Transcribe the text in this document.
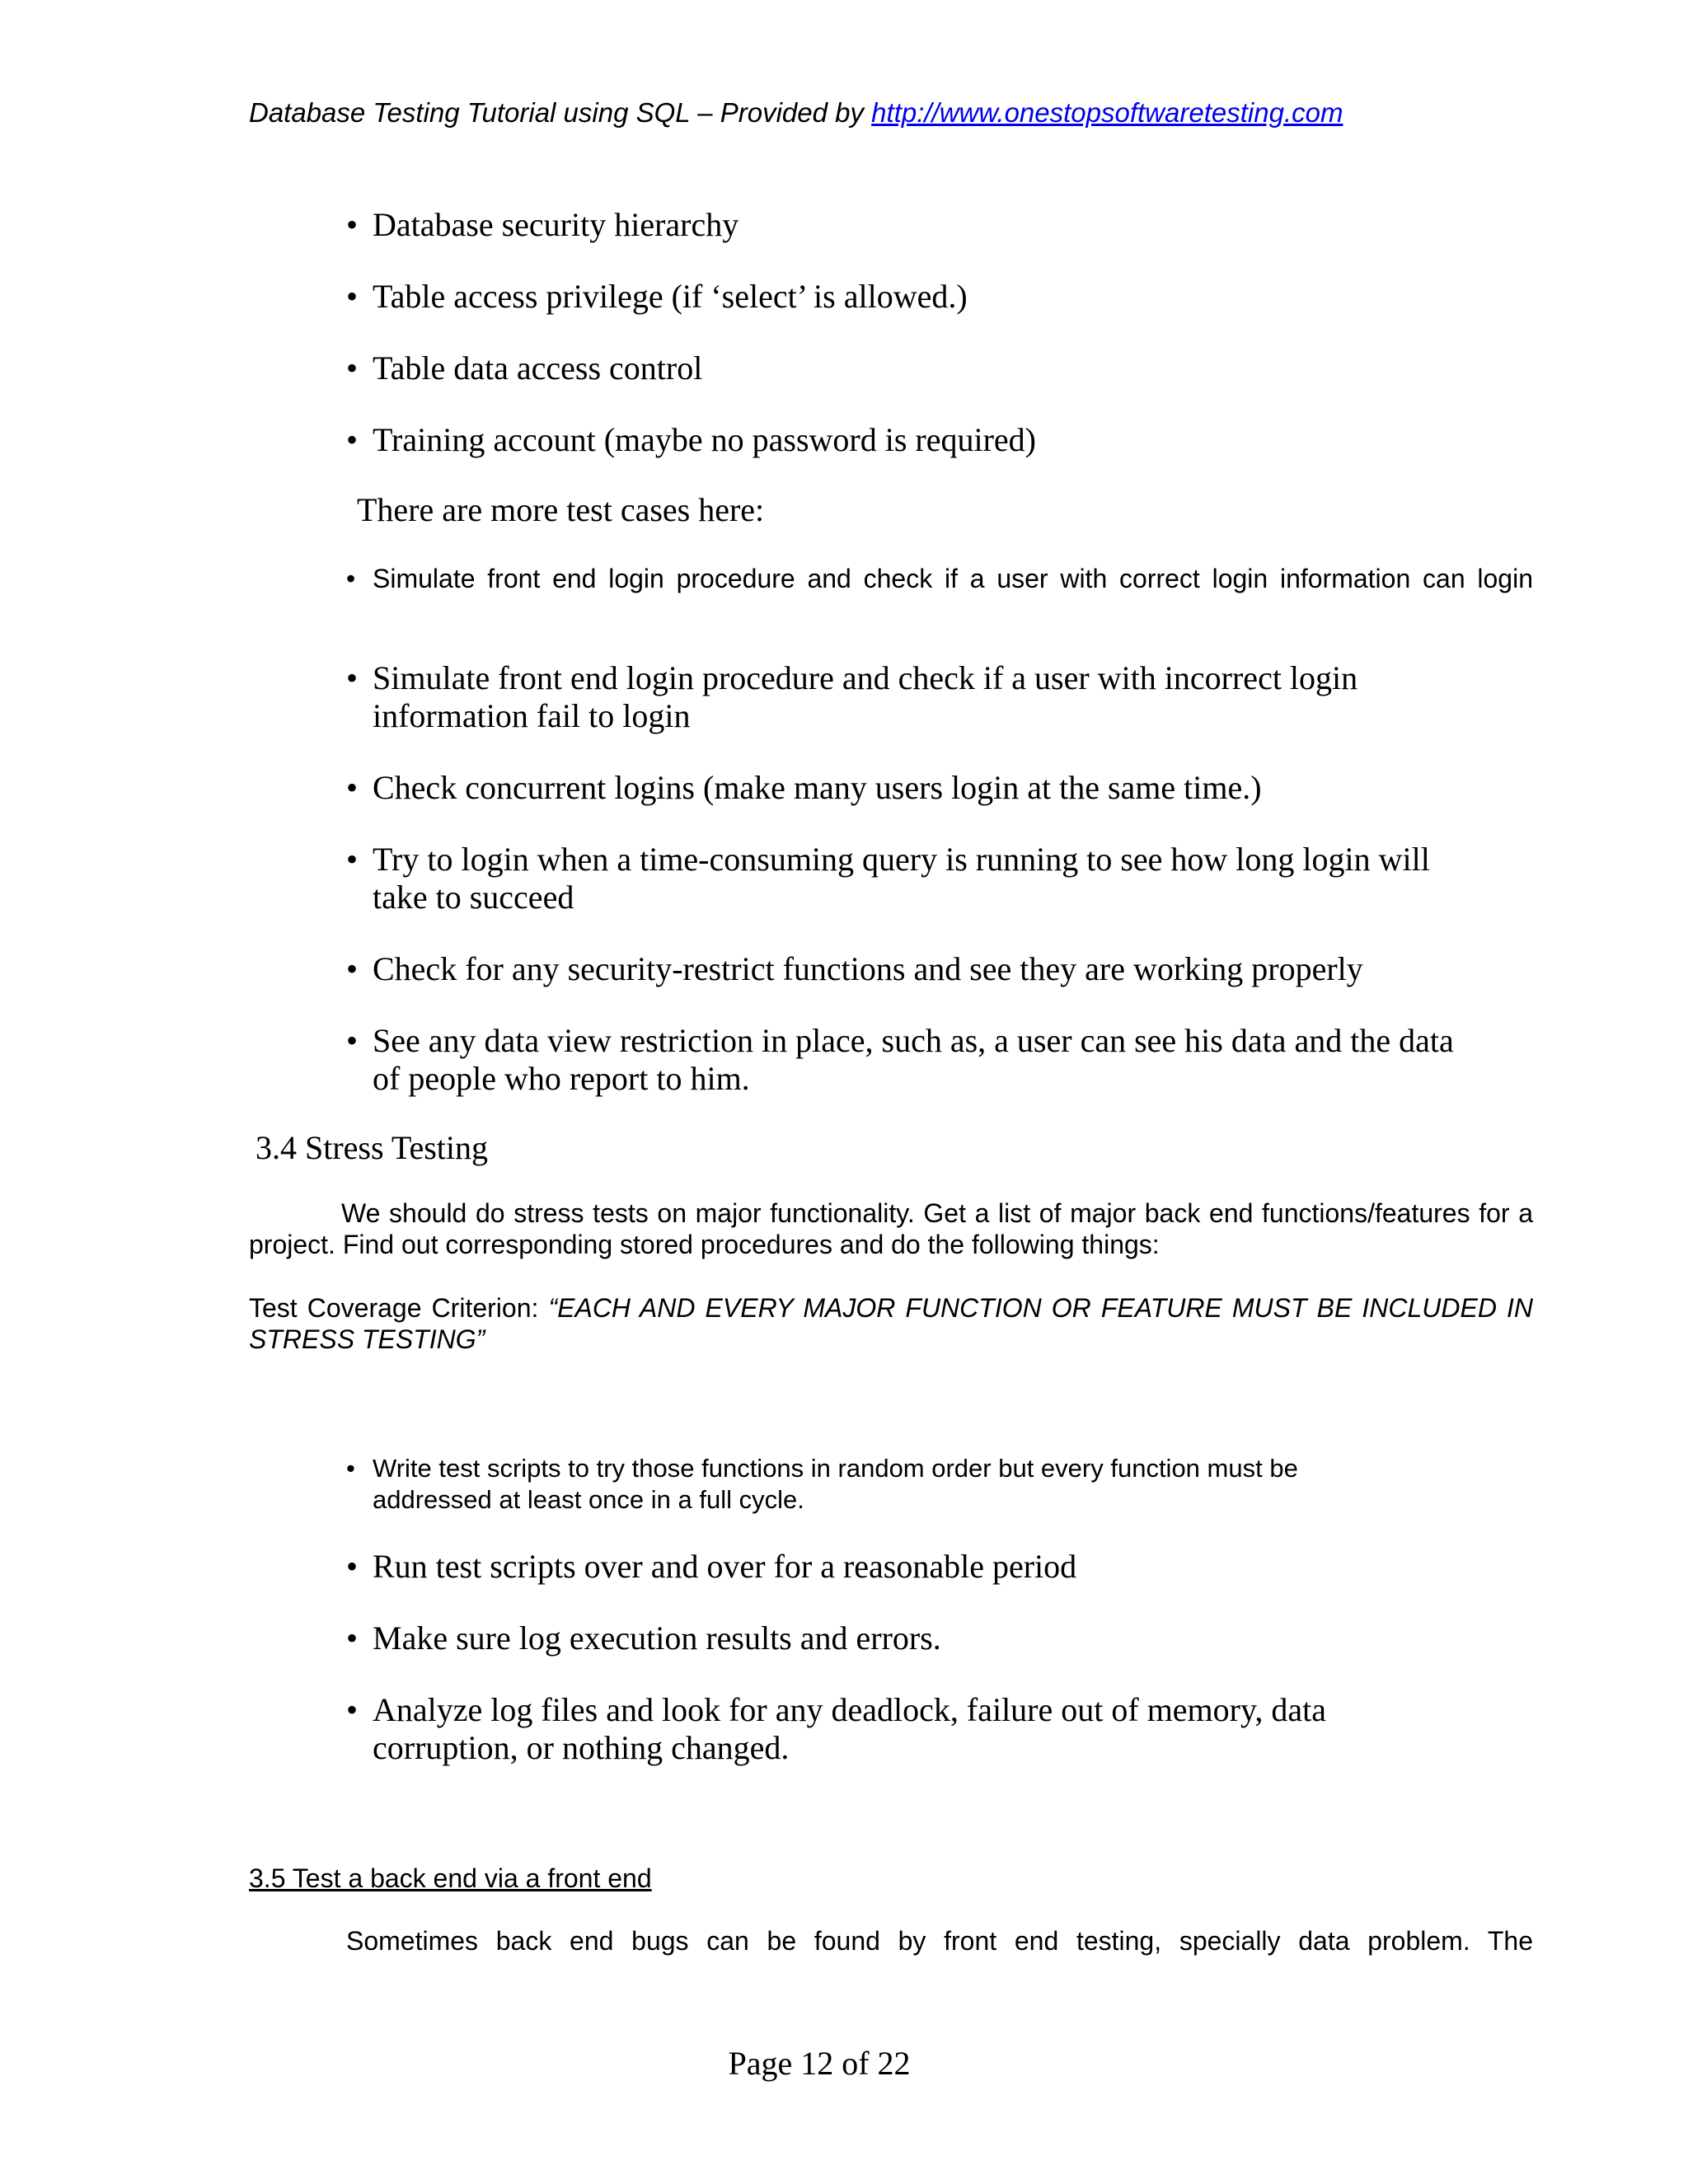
Database Testing Tutorial using SQL – Provided by http://www.onestopsoftwaretesting.com
• Database security hierarchy
• Table access privilege (if ‘select’ is allowed.)
• Table data access control
• Training account (maybe no password is required)
There are more test cases here:
• Simulate front end login procedure and check if a user with correct login information can login
• Simulate front end login procedure and check if a user with incorrect login information fail to login
• Check concurrent logins (make many users login at the same time.)
• Try to login when a time-consuming query is running to see how long login will take to succeed
• Check for any security-restrict functions and see they are working properly
• See any data view restriction in place, such as, a user can see his data and the data of people who report to him.
3.4 Stress Testing
We should do stress tests on major functionality. Get a list of major back end functions/features for a project. Find out corresponding stored procedures and do the following things:
Test Coverage Criterion: “EACH AND EVERY MAJOR FUNCTION OR FEATURE MUST BE INCLUDED IN STRESS TESTING”
• Write test scripts to try those functions in random order but every function must be addressed at least once in a full cycle.
• Run test scripts over and over for a reasonable period
• Make sure log execution results and errors.
• Analyze log files and look for any deadlock, failure out of memory, data corruption, or nothing changed.
3.5 Test a back end via a front end
Sometimes back end bugs can be found by front end testing, specially data problem. The
Page 12 of 22
